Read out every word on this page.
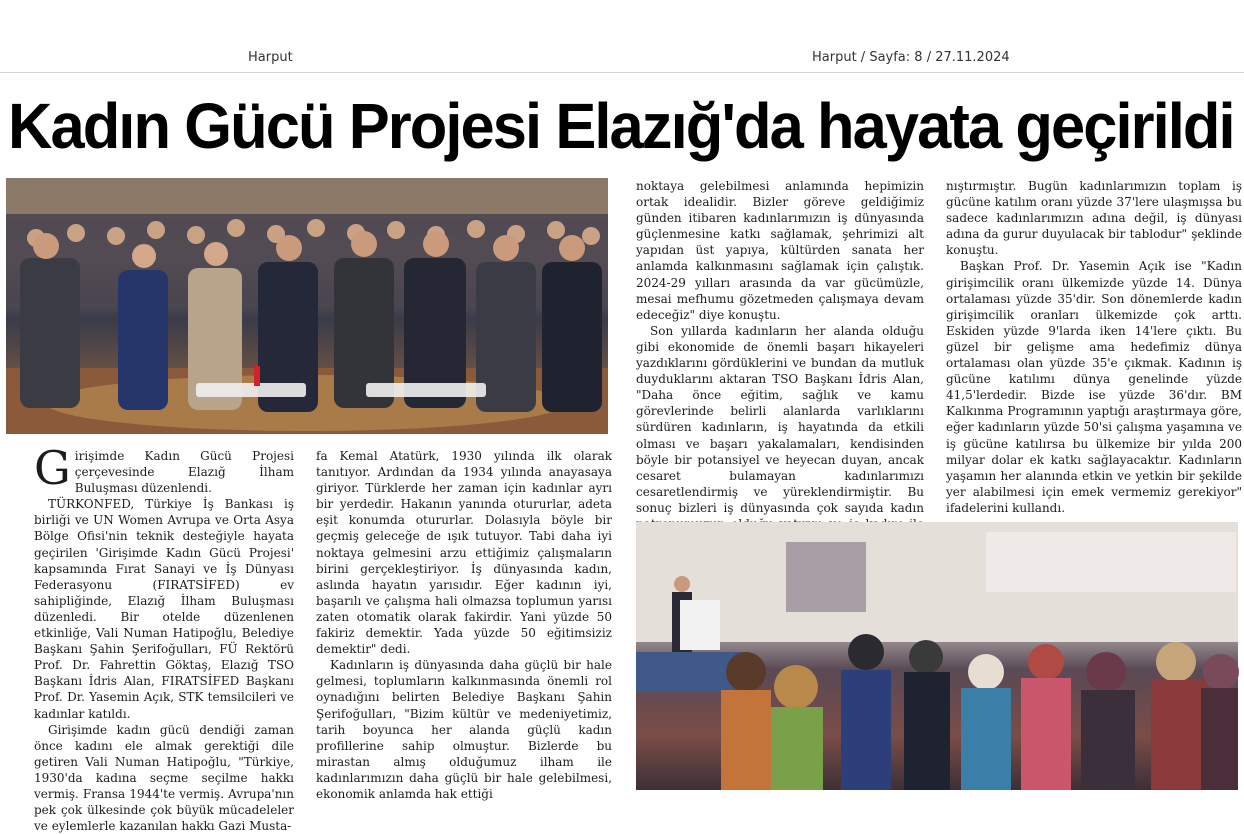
Harput	Harput / Sayfa: 8 / 27.11.2024
Kadın Gücü Projesi Elazığ'da hayata geçirildi

Girişimde Kadın Gücü Projesi çerçevesinde Elazığ İlham Buluşması düzenlendi.

TÜRKONFED, Türkiye İş Bankası iş birliği ve UN Women Avrupa ve Orta Asya Bölge Ofisi'nin teknik desteğiyle hayata geçirilen 'Girişimde Kadın Gücü Projesi' kapsamında Fırat Sanayi ve İş Dünyası Federasyonu (FIRATSİFED) ev sahipliğinde, Elazığ İlham Buluşması düzenledi. Bir otelde düzenlenen etkinliğe, Vali Numan Hatipoğlu, Belediye Başkanı Şahin Şerifoğulları, FÜ Rektörü Prof. Dr. Fahrettin Göktaş, Elazığ TSO Başkanı İdris Alan, FIRATSİFED Başkanı Prof. Dr. Yasemin Açık, STK temsilcileri ve kadınlar katıldı.

Girişimde kadın gücü dendiği zaman önce kadını ele almak gerektiği dile getiren Vali Numan Hatipoğlu, "Türkiye, 1930'da kadına seçme seçilme hakkı vermiş. Fransa 1944'te vermiş. Avrupa'nın pek çok ülkesinde çok büyük mücadeleler ve eylemlerle kazanılan hakkı Gazi Musta-

fa Kemal Atatürk, 1930 yılında ilk olarak tanıtıyor. Ardından da 1934 yılında anayasaya giriyor. Türklerde her zaman için kadınlar ayrı bir yerdedir. Hakanın yanında otururlar, adeta eşit konumda otururlar. Dolasıyla böyle bir geçmiş geleceğe de ışık tutuyor. Tabi daha iyi noktaya gelmesini arzu ettiğimiz çalışmaların birini gerçekleştiriyor. İş dünyasında kadın, aslında hayatın yarısıdır. Eğer kadının iyi, başarılı ve çalışma hali olmazsa toplumun yarısı zaten otomatik olarak fakirdir. Yani yüzde 50 fakiriz demektir. Yada yüzde 50 eğitimsiziz demektir" dedi.

Kadınların iş dünyasında daha güçlü bir hale gelmesi, toplumların kalkınmasında önemli rol oynadığını belirten Belediye Başkanı Şahin Şerifoğulları, "Bizim kültür ve medeniyetimiz, tarih boyunca her alanda güçlü kadın profillerine sahip olmuştur. Bizlerde bu mirastan almış olduğumuz ilham ile kadınlarımızın daha güçlü bir hale gelebilmesi, ekonomik anlamda hak ettiği

noktaya gelebilmesi anlamında hepimizin ortak idealidir. Bizler göreve geldiğimiz günden itibaren kadınlarımızın iş dünyasında güçlenmesine katkı sağlamak, şehrimizi alt yapıdan üst yapıya, kültürden sanata her anlamda kalkınmasını sağlamak için çalıştık. 2024-29 yılları arasında da var gücümüzle, mesai mefhumu gözetmeden çalışmaya devam edeceğiz" diye konuştu.

Son yıllarda kadınların her alanda olduğu gibi ekonomide de önemli başarı hikayeleri yazdıklarını gördüklerini ve bundan da mutluk duyduklarını aktaran TSO Başkanı İdris Alan, "Daha önce eğitim, sağlık ve kamu görevlerinde belirli alanlarda varlıklarını sürdüren kadınların, iş hayatında da etkili olması ve başarı yakalamaları, kendisinden böyle bir potansiyel ve heyecan duyan, ancak cesaret bulamayan kadınlarımızı cesaretlendirmiş ve yüreklendirmiştir. Bu sonuç bizleri iş dünyasında çok sayıda kadın

nıştırmıştır. Bugün kadınlarımızın toplam iş gücüne katılım oranı yüzde 37'lere ulaşmışsa bu sadece kadınlarımızın adına değil, iş dünyası adına da gurur duyulacak bir tablodur" şeklinde konuştu.

Başkan Prof. Dr. Yasemin Açık ise "Kadın girişimcilik oranı ülkemizde yüzde 14. Dünya ortalaması yüzde 35'dir. Son dönemlerde kadın girişimcilik oranları ülkemizde çok arttı. Eskiden yüzde 9'larda iken 14'lere çıktı. Bu güzel bir gelişme ama hedefimiz dünya ortalaması olan yüzde 35'e çıkmak. Kadının iş gücüne katılımı dünya genelinde yüzde 41,5'lerdedir. Bizde ise yüzde 36'dır. BM Kalkınma Programının yaptığı araştırmaya göre, eğer kadınların yüzde 50'si çalışma yaşamına ve iş gücüne katılırsa bu ülkemize bir yılda 200 milyar dolar ek katkı sağlayacaktır. Kadınların yaşamın her alanında etkin ve yetkin bir şekilde yer alabilmesi için emek vermemiz gerekiyor" ifadelerini kullandı.
